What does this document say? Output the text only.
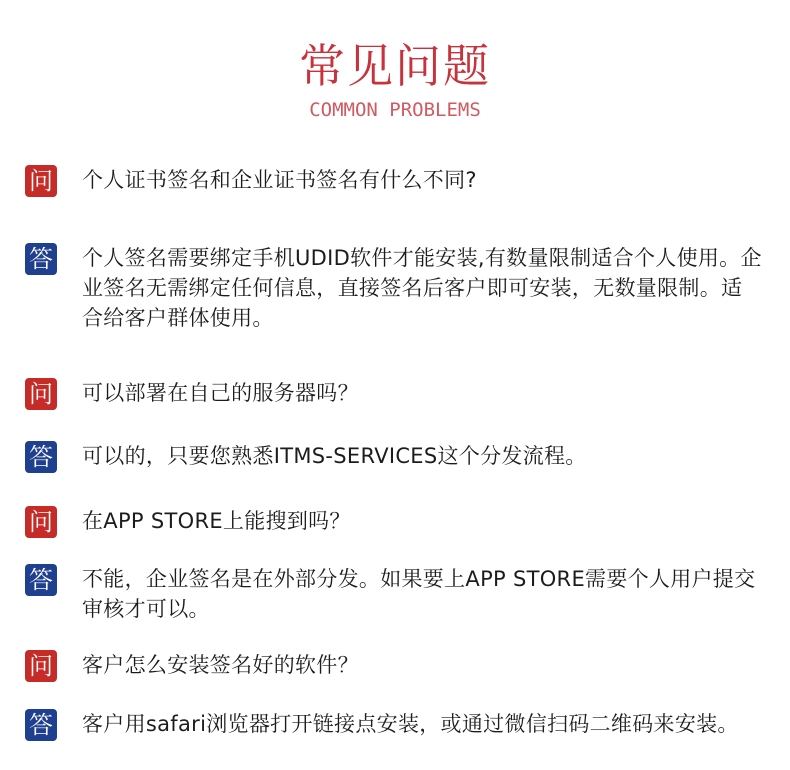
常见问题
COMMON PROBLEMS
问 个人证书签名和企业证书签名有什么不同?

答 个人签名需要绑定手机UDID软件才能安装,有数量限制适合个人使用。企业签名无需绑定任何信息，直接签名后客户即可安装，无数量限制。适合给客户群体使用。

问 可以部署在自己的服务器吗？

答 可以的，只要您熟悉ITMS-SERVICES这个分发流程。

问 在APP STORE上能搜到吗？

答 不能，企业签名是在外部分发。如果要上APP STORE需要个人用户提交审核才可以。

问 客户怎么安装签名好的软件？

答 客户用safari浏览器打开链接点安装，或通过微信扫码二维码来安装。
